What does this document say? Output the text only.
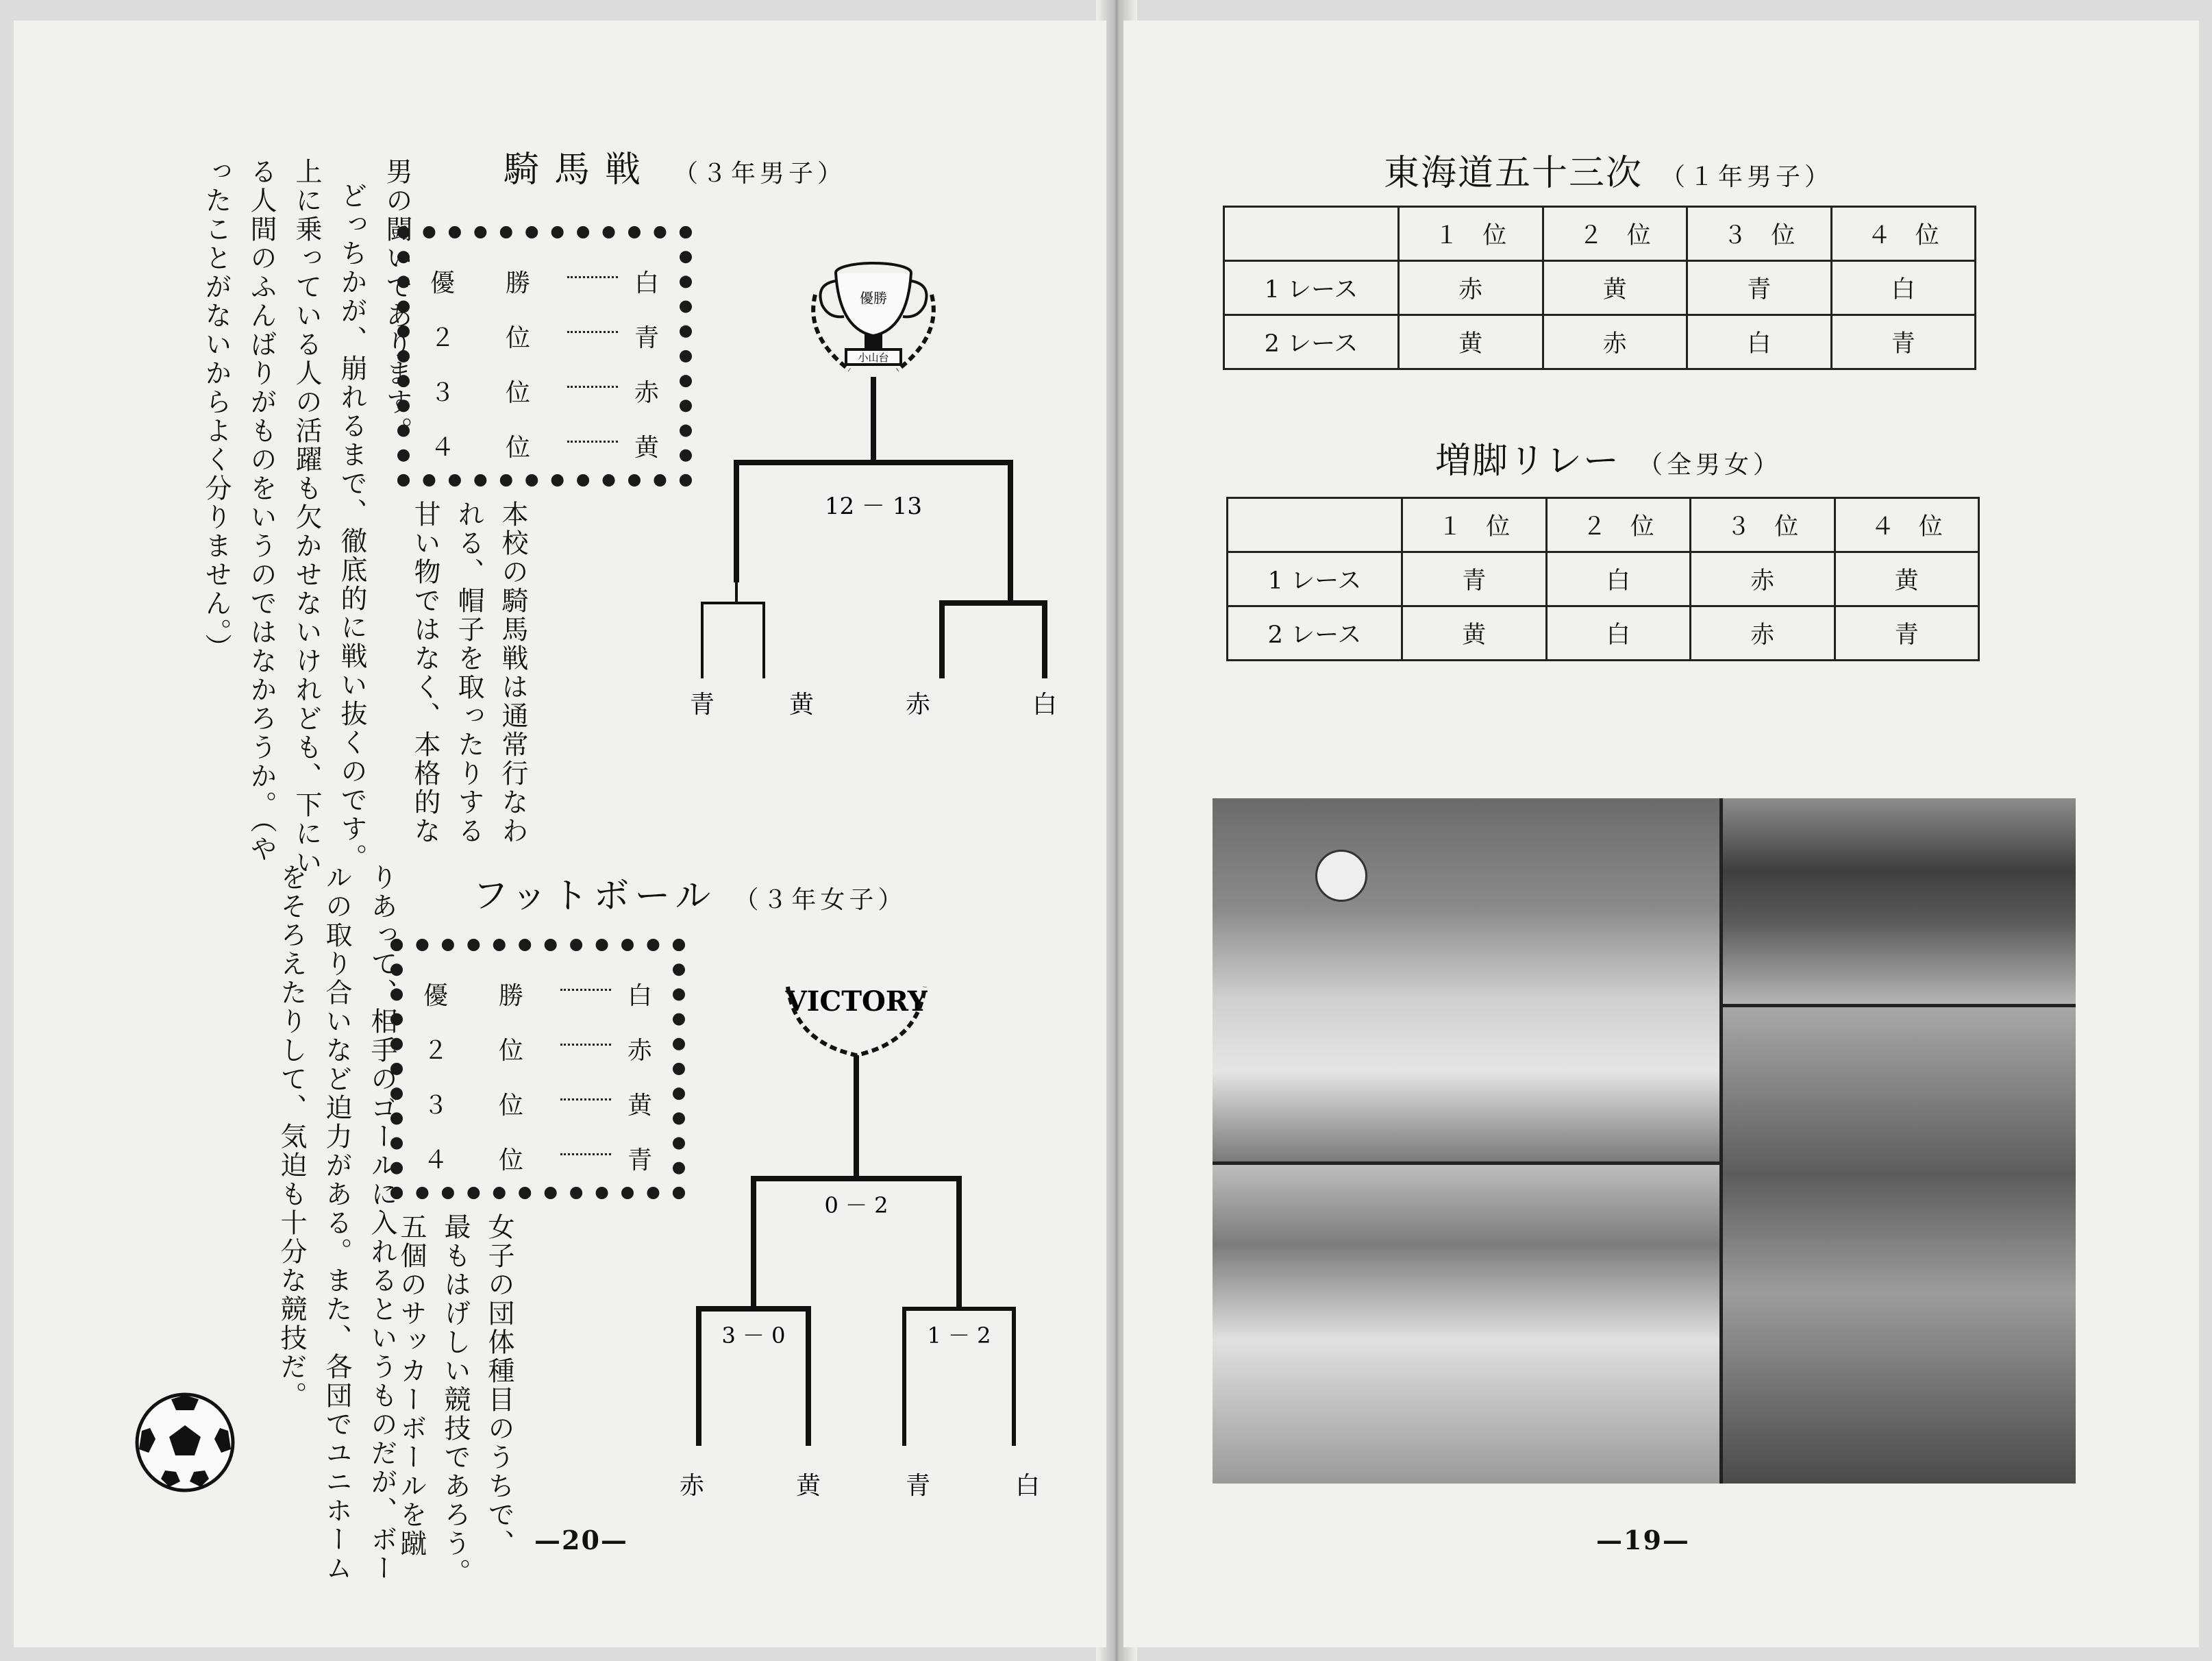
騎馬戦 （３年男子）
男の闘いであります。
どっちかが、崩れるまで、徹底的に戦い抜くのです。
上に乗っている人の活躍も欠かせないけれども、下にい
る人間のふんばりがものをいうのではなかろうか。（や
ったことがないからよく分りません。）	優	勝	白
２	位	青
３	位	赤
４	位	黄
本校の騎馬戦は通常行なわ
れる、帽子を取ったりする
甘い物ではなく、本格的な
優勝
小山台
12 － 13
青	黄	赤	白
フットボール （３年女子）
りあって、相手のゴールに入れるというものだが、ボー
ルの取り合いなど迫力がある。また、各団でユニホーム
をそろえたりして、気迫も十分な競技だ。	優	勝	白
２	位	赤
３	位	黄
４	位	青
女子の団体種目のうちで、
最もはげしい競技であろう。
五個のサッカーボールを蹴
VICTORY
0 － 2
3 － 0	1 － 2
赤	黄	青	白
—20—
東海道五十三次 （１年男子）
	１　位	２　位	３　位	４　位
1 レース	赤	黄	青	白
2 レース	黄	赤	白	青
増脚リレー （全男女）
	１　位	２　位	３　位	４　位
1 レース	青	白	赤	黄
2 レース	黄	白	赤	青
—19—
